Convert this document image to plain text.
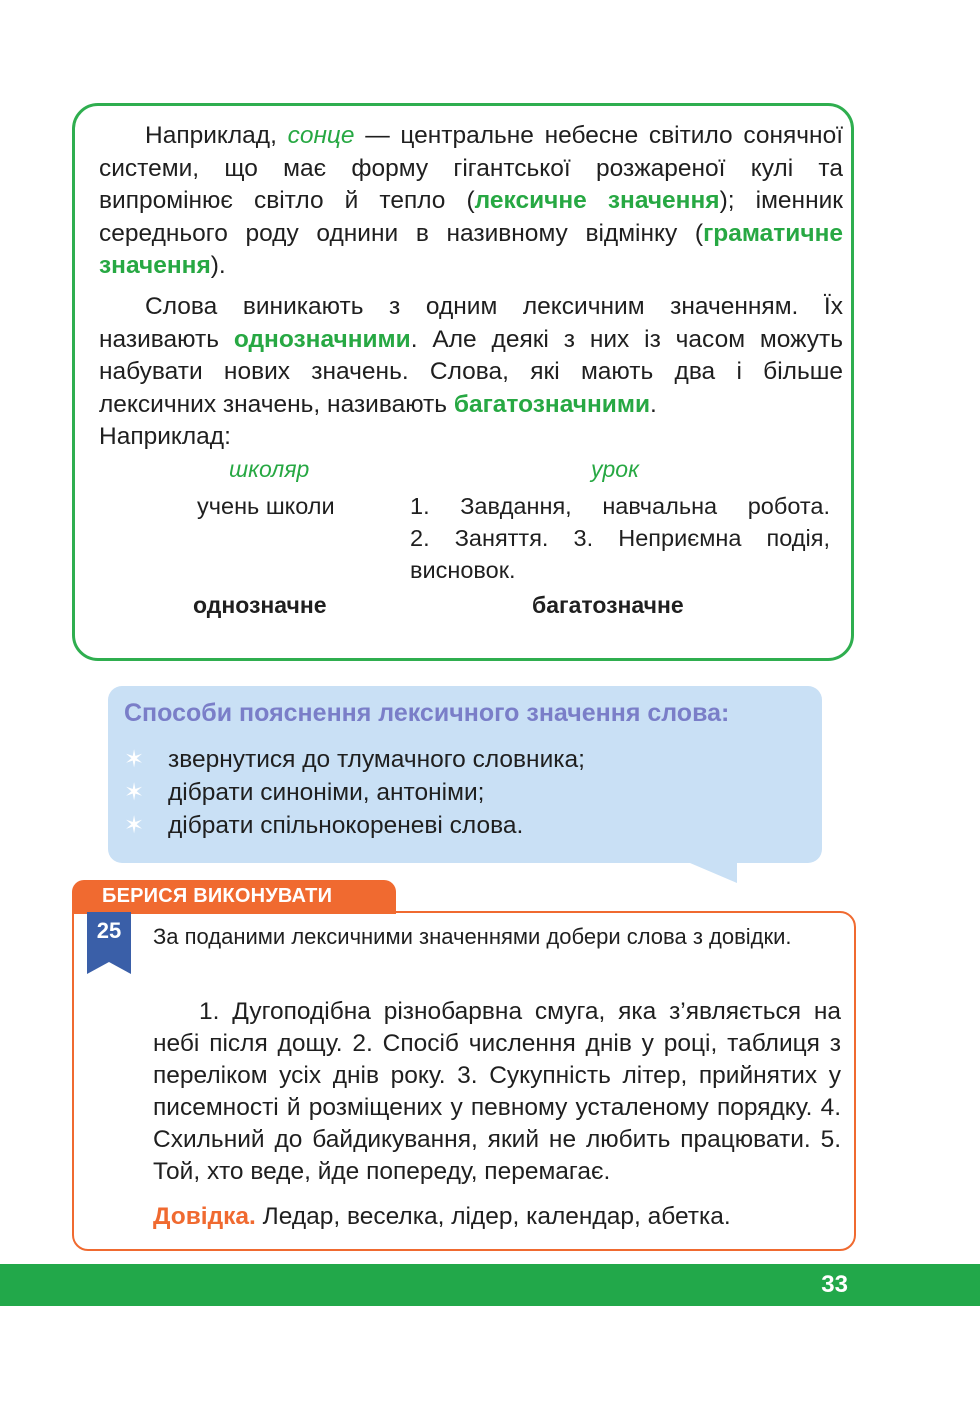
Наприклад, сонце — центральне небесне світило сонячної системи, що має форму гігантської розжареної кулі та випромінює світло й тепло (лексичне значення); іменник середнього роду однини в називному відмінку (граматичне значення).
Слова виникають з одним лексичним значенням. Їх називають однозначними. Але деякі з них із часом можуть набувати нових значень. Слова, які мають два і більше лексичних значень, називають багатозначними.
Наприклад:
школяр	урок
учень школи	1. Завдання, навчальна робота.
2. Заняття. 3. Неприємна подія,
висновок.
однозначне	багатозначне
Способи пояснення лексичного значення слова:
✶ звернутися до тлумачного словника;
✶ дібрати синоніми, антоніми;
✶ дібрати спільнокореневі слова.
БЕРИСЯ ВИКОНУВАТИ
25	За поданими лексичними значеннями добери слова з довідки.
1. Дугоподібна різнобарвна смуга, яка з’являється на небі після дощу. 2. Спосіб числення днів у році, таблиця з переліком усіх днів року. 3. Сукупність літер, прийнятих у писемності й розміщених у певному усталеному порядку. 4. Схильний до байдикування, який не любить працювати. 5. Той, хто веде, йде попереду, перемагає.
Довідка. Ледар, веселка, лідер, календар, абетка.
33
